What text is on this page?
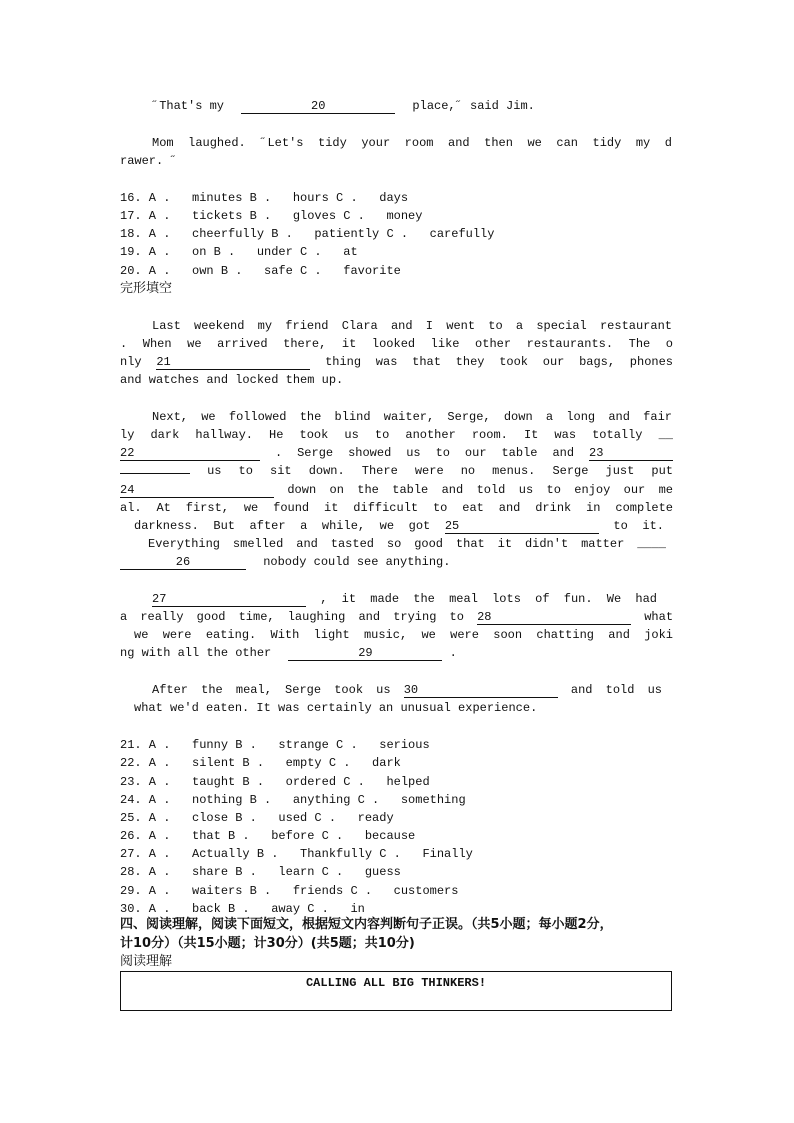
˝That's my	20	place,˝ said Jim.
Mom laughed. ˝Let's tidy your room and then we can tidy my d
rawer. ˝
16. A .   minutes B .   hours C .   days
17. A .   tickets B .   gloves C .   money
18. A .   cheerfully B .   patiently C .   carefully
19. A .   on B .   under C .   at
20. A .   own B .   safe C .   favorite
完形填空
Last weekend my friend Clara and I went to a special restaurant
. When we arrived there, it looked like other restaurants. The o
nly 21	thing was that they took our bags, phones
and watches and locked them up.
Next, we followed the blind waiter, Serge, down a long and fair
ly dark hallway. He took us to another room. It was totally __
22	. Serge showed us to our table and 23
us to sit down. There were no menus. Serge just put
24	down on the table and told us to enjoy our me
al. At first, we found it difficult to eat and drink in complete
darkness. But after a while, we got 25	to it.
Everything smelled and tasted so good that it didn't matter ____
26	nobody could see anything.
27	, it made the meal lots of fun. We had
a really good time, laughing and trying to 28	what
we were eating. With light music, we were soon chatting and joki
ng with all the other	29	.
After the meal, Serge took us 30	and told us
what we'd eaten. It was certainly an unusual experience.
21. A .   funny B .   strange C .   serious
22. A .   silent B .   empty C .   dark
23. A .   taught B .   ordered C .   helped
24. A .   nothing B .   anything C .   something
25. A .   close B .   used C .   ready
26. A .   that B .   before C .   because
27. A .   Actually B .   Thankfully C .   Finally
28. A .   share B .   learn C .   guess
29. A .   waiters B .   friends C .   customers
30. A .   back B .   away C .   in
四、阅读理解，阅读下面短文，根据短文内容判断句子正误。（共5小题；每小题2分，
计10分）（共15小题；计30分）(共5题；共10分)
阅读理解
CALLING ALL BIG THINKERS!
